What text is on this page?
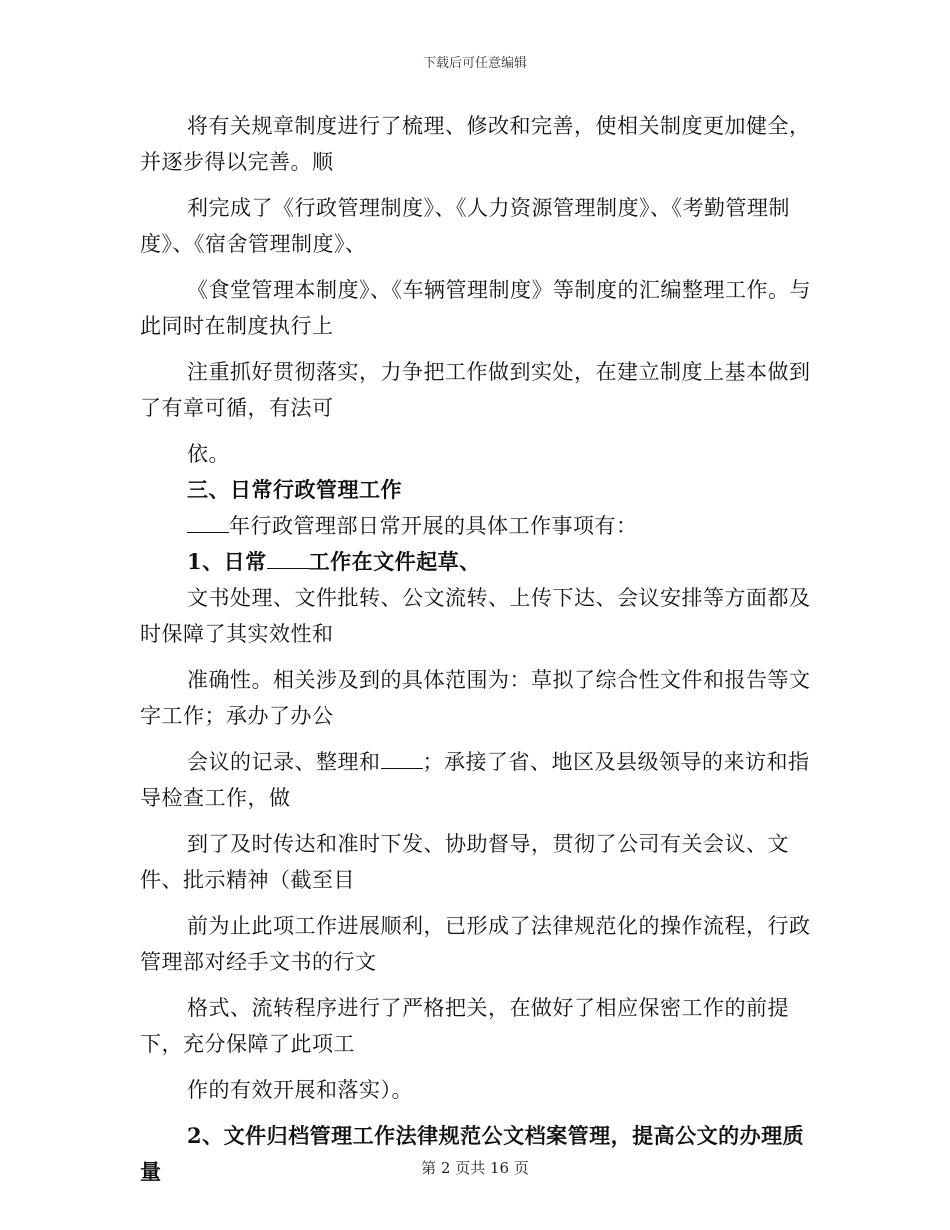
下载后可任意编辑
将有关规章制度进行了梳理、修改和完善，使相关制度更加健全，并逐步得以完善。顺
利完成了《行政管理制度》、《人力资源管理制度》、《考勤管理制度》、《宿舍管理制度》、
《食堂管理本制度》、《车辆管理制度》等制度的汇编整理工作。与此同时在制度执行上
注重抓好贯彻落实，力争把工作做到实处，在建立制度上基本做到了有章可循，有法可
依。
三、日常行政管理工作
年行政管理部日常开展的具体工作事项有：
1、日常 工作在文件起草、
文书处理、文件批转、公文流转、上传下达、会议安排等方面都及时保障了其实效性和
准确性。相关涉及到的具体范围为：草拟了综合性文件和报告等文字工作；承办了办公
会议的记录、整理和 ；承接了省、地区及县级领导的来访和指导检查工作，做
到了及时传达和准时下发、协助督导，贯彻了公司有关会议、文件、批示精神（截至目
前为止此项工作进展顺利，已形成了法律规范化的操作流程，行政管理部对经手文书的行文
格式、流转程序进行了严格把关，在做好了相应保密工作的前提下，充分保障了此项工
作的有效开展和落实）。
2、文件归档管理工作法律规范公文档案管理，提高公文的办理质量	第 2 页共 16 页
